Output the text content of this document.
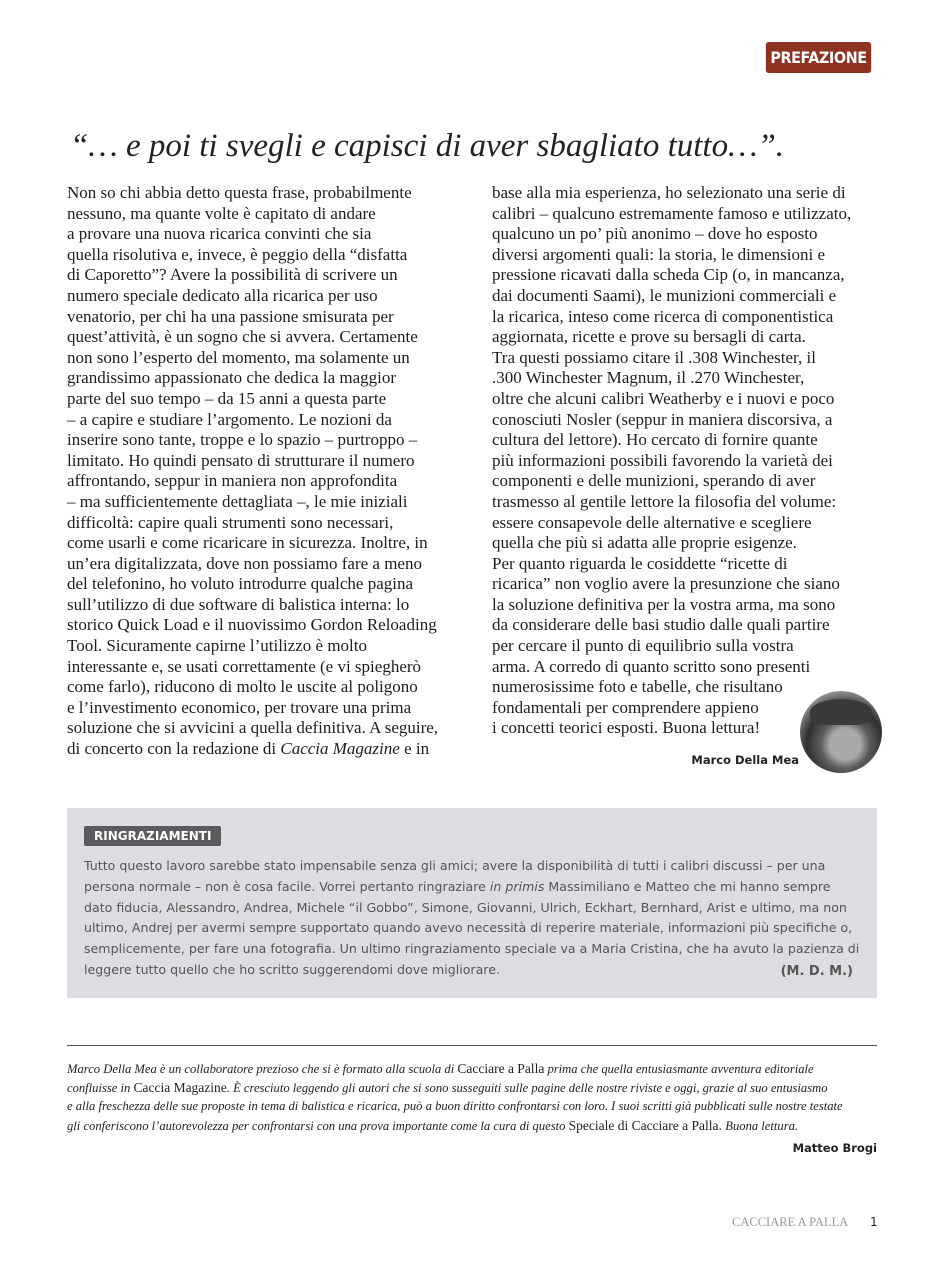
PREFAZIONE
“… e poi ti svegli e capisci di aver sbagliato tutto…”.
Non so chi abbia detto questa frase, probabilmente
nessuno, ma quante volte è capitato di andare
a provare una nuova ricarica convinti che sia
quella risolutiva e, invece, è peggio della “disfatta
di Caporetto”? Avere la possibilità di scrivere un
numero speciale dedicato alla ricarica per uso
venatorio, per chi ha una passione smisurata per
quest’attività, è un sogno che si avvera. Certamente
non sono l’esperto del momento, ma solamente un
grandissimo appassionato che dedica la maggior
parte del suo tempo – da 15 anni a questa parte
– a capire e studiare l’argomento. Le nozioni da
inserire sono tante, troppe e lo spazio – purtroppo –
limitato. Ho quindi pensato di strutturare il numero
affrontando, seppur in maniera non approfondita
– ma sufficientemente dettagliata –, le mie iniziali
difficoltà: capire quali strumenti sono necessari,
come usarli e come ricaricare in sicurezza. Inoltre, in
un’era digitalizzata, dove non possiamo fare a meno
del telefonino, ho voluto introdurre qualche pagina
sull’utilizzo di due software di balistica interna: lo
storico Quick Load e il nuovissimo Gordon Reloading
Tool. Sicuramente capirne l’utilizzo è molto
interessante e, se usati correttamente (e vi spiegherò
come farlo), riducono di molto le uscite al poligono
e l’investimento economico, per trovare una prima
soluzione che si avvicini a quella definitiva. A seguire,
di concerto con la redazione di Caccia Magazine e in
base alla mia esperienza, ho selezionato una serie di
calibri – qualcuno estremamente famoso e utilizzato,
qualcuno un po’ più anonimo – dove ho esposto
diversi argomenti quali: la storia, le dimensioni e
pressione ricavati dalla scheda Cip (o, in mancanza,
dai documenti Saami), le munizioni commerciali e
la ricarica, inteso come ricerca di componentistica
aggiornata, ricette e prove su bersagli di carta.
Tra questi possiamo citare il .308 Winchester, il
.300 Winchester Magnum, il .270 Winchester,
oltre che alcuni calibri Weatherby e i nuovi e poco
conosciuti Nosler (seppur in maniera discorsiva, a
cultura del lettore). Ho cercato di fornire quante
più informazioni possibili favorendo la varietà dei
componenti e delle munizioni, sperando di aver
trasmesso al gentile lettore la filosofia del volume:
essere consapevole delle alternative e scegliere
quella che più si adatta alle proprie esigenze.
Per quanto riguarda le cosiddette “ricette di
ricarica” non voglio avere la presunzione che siano
la soluzione definitiva per la vostra arma, ma sono
da considerare delle basi studio dalle quali partire
per cercare il punto di equilibrio sulla vostra
arma. A corredo di quanto scritto sono presenti
numerosissime foto e tabelle, che risultano
fondamentali per comprendere appieno
i concetti teorici esposti. Buona lettura!
Marco Della Mea
RINGRAZIAMENTI
Tutto questo lavoro sarebbe stato impensabile senza gli amici; avere la disponibilità di tutti i calibri discussi – per una
persona normale – non è cosa facile. Vorrei pertanto ringraziare in primis Massimiliano e Matteo che mi hanno sempre
dato fiducia, Alessandro, Andrea, Michele “il Gobbo”, Simone, Giovanni, Ulrich, Eckhart, Bernhard, Arist e ultimo, ma non
ultimo, Andrej per avermi sempre supportato quando avevo necessità di reperire materiale, informazioni più specifiche o,
semplicemente, per fare una fotografia. Un ultimo ringraziamento speciale va a Maria Cristina, che ha avuto la pazienza di
leggere tutto quello che ho scritto suggerendomi dove migliorare.	(M. D. M.)
Marco Della Mea è un collaboratore prezioso che si è formato alla scuola di Cacciare a Palla prima che quella entusiasmante avventura editoriale
confluisse in Caccia Magazine. È cresciuto leggendo gli autori che si sono susseguiti sulle pagine delle nostre riviste e oggi, grazie al suo entusiasmo
e alla freschezza delle sue proposte in tema di balistica e ricarica, può a buon diritto confrontarsi con loro. I suoi scritti già pubblicati sulle nostre testate
gli conferiscono l’autorevolezza per confrontarsi con una prova importante come la cura di questo Speciale di Cacciare a Palla. Buona lettura.
Matteo Brogi
CACCIARE A PALLA 1
